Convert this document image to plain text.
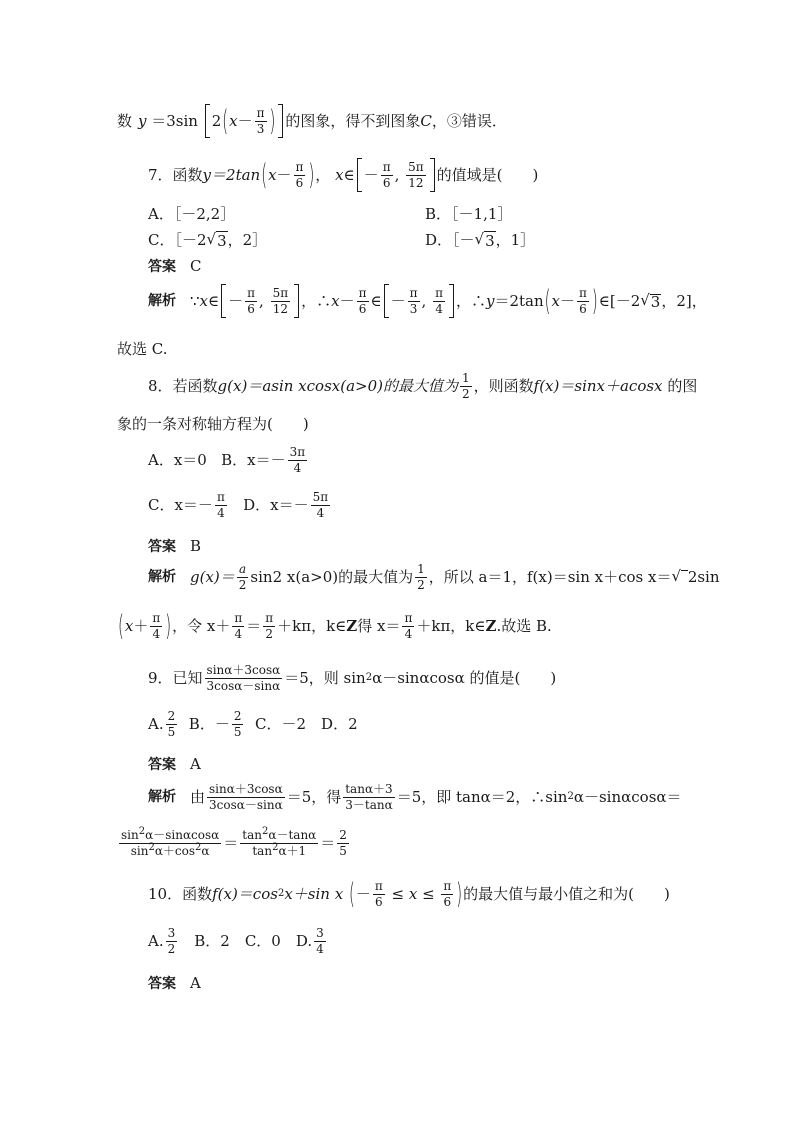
数 y ＝3sin
2 ( $x - \frac{\pi}{3}$ ) 的图象，得不到图象 C ，③错误．
7．函数 y＝2tan ( $x - \frac{\pi}{6}$ ) ，
x∈ － $\frac{\pi}{6}$ , $\frac{5\pi}{12}$ 的值域是(　　)
A．［－2,2］	B．［－1,1］
C．［－2 √ 3 ，2］	D．［－ √ 3 ，1］
答案 C
解析 ∵ x ∈ － $\frac{\pi}{6}$ , $\frac{5\pi}{12}$ ，∴ $x - \frac{\pi}{6}$ ∈ － $\frac{\pi}{3}$ , $\frac{\pi}{4}$ ，∴ y ＝2tan ( $x - \frac{\pi}{6}$ ) ∈[－2 √ 3 ，2]，
故选 C.
8．若函数 g(x)＝asin xcosx(a>0)的最大值为 $\frac{1}{2}$ ，则函数 f(x)＝sinx＋acosx
的图
象的一条对称轴方程为(　　)
A．x＝0
B．$x=- \frac{3\pi}{4}$
C．$x=- \frac{\pi}{4}$
D．$x=- \frac{5\pi}{4}$
答案 B
解析 $g(x)= \frac{a}{2} \sin 2$ x(a>0)的最大值为 $\frac{1}{2}$ ，所以 a＝1，f(x)＝sin x＋cos x＝ √
2sin
( $x + \frac{\pi}{4}$ ) ，令 $x+ \frac{\pi}{4} = \frac{\pi}{2} +k\pi$，k∈ Z 得 $x= \frac{\pi}{4} +k\pi$，k∈ Z .故选 B.
9．已知 $\frac{\sin\alpha+3\cos\alpha}{3\cos\alpha-\sin\alpha} =5$，则 sin 2 α－sinαcosα 的值是(　　)
A. $\frac{2}{5}$
B．－ $\frac{2}{5}$
C．－2　D．2
答案 A
解析 由 $\frac{\sin\alpha+3\cos\alpha}{3\cos\alpha-\sin\alpha} =5$，得 $\frac{\tan\alpha+3}{3-\tan\alpha} =5$，即 tanα＝2，∴sin 2 α－sinαcosα＝
$\frac{\sin^2\alpha-\sin\alpha\cos\alpha}{\sin^2\alpha+\cos^2\alpha} = \frac{\tan^2\alpha-\tan\alpha}{\tan^2\alpha+1} = \frac{2}{5}$
10．函数 f(x)＝cos 2 x＋sin x
( － $\frac{\pi}{6} \le x \le \frac{\pi}{6}$ ) 的最大值与最小值之和为(　　)
A. $\frac{3}{2}$ 　B．2　C．0　D. $\frac{3}{4}$
答案 A
